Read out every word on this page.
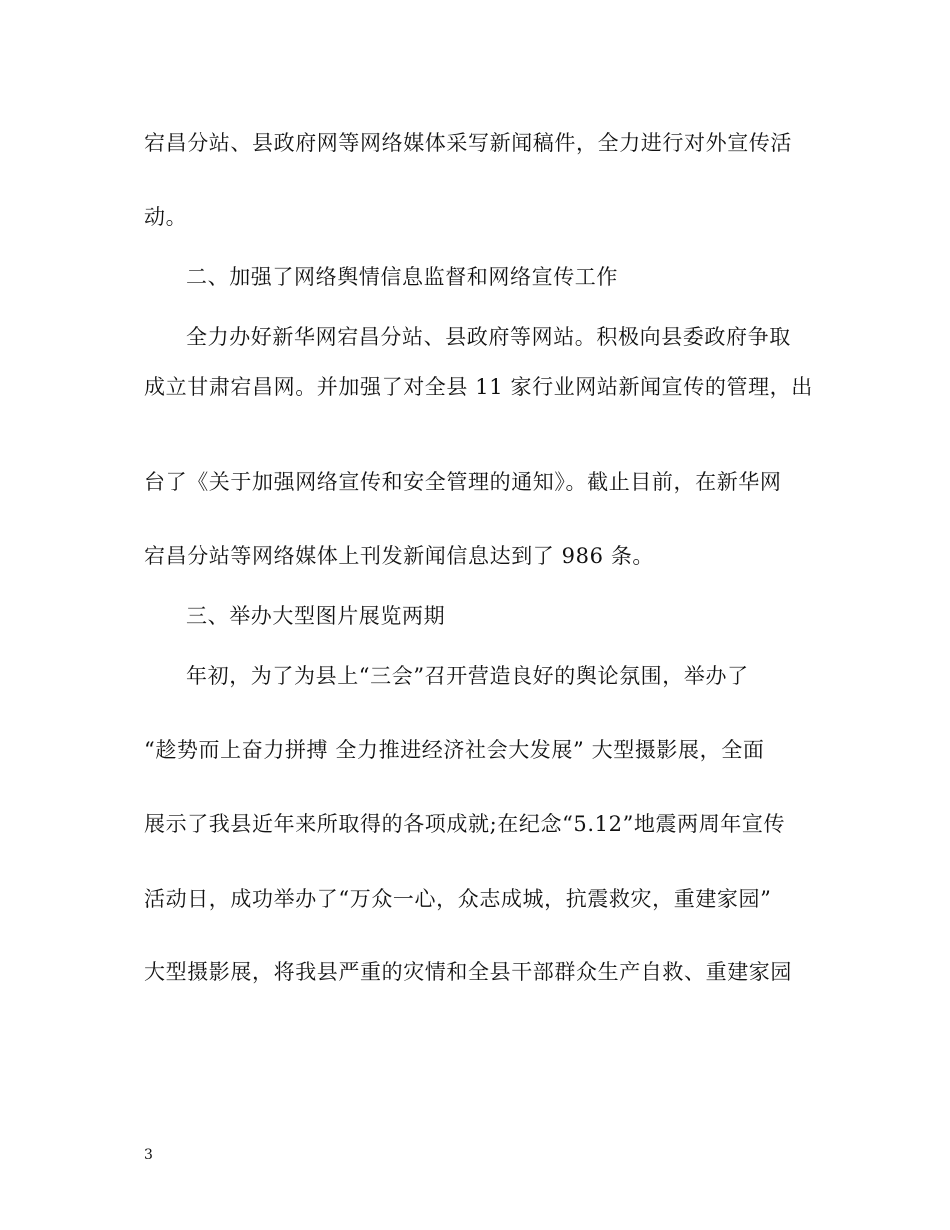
宕昌分站、县政府网等网络媒体采写新闻稿件，全力进行对外宣传活
动。
二、加强了网络舆情信息监督和网络宣传工作
全力办好新华网宕昌分站、县政府等网站。积极向县委政府争取
成立甘肃宕昌网。并加强了对全县 11 家行业网站新闻宣传的管理，出
台了《关于加强网络宣传和安全管理的通知》。截止目前，在新华网
宕昌分站等网络媒体上刊发新闻信息达到了 986 条。
三、举办大型图片展览两期
年初，为了为县上“三会”召开营造良好的舆论氛围，举办了
“趁势而上奋力拼搏 全力推进经济社会大发展” 大型摄影展，全面
展示了我县近年来所取得的各项成就;在纪念“5.12”地震两周年宣传
活动日，成功举办了“万众一心，众志成城，抗震救灾，重建家园”
大型摄影展，将我县严重的灾情和全县干部群众生产自救、重建家园
3
